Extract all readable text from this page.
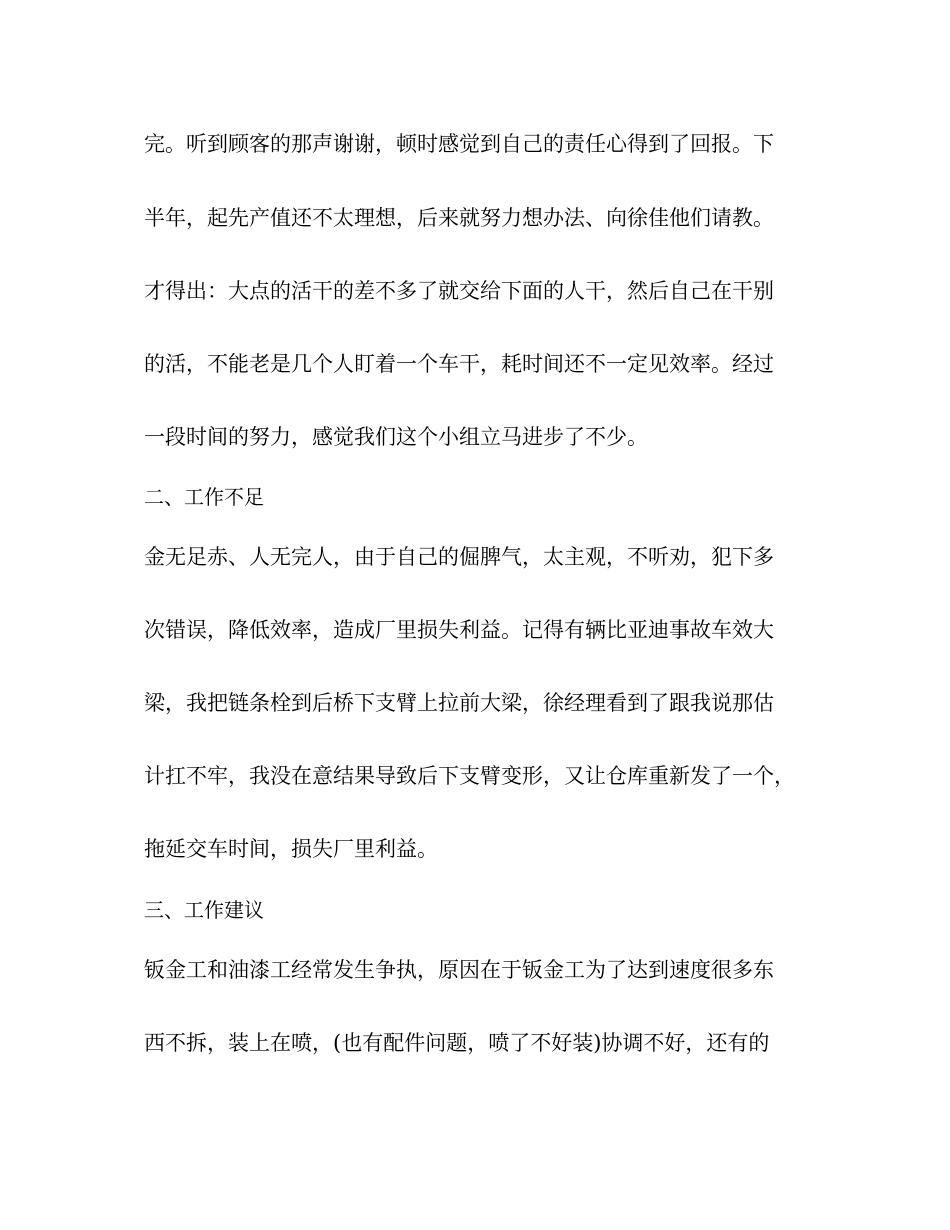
完。听到顾客的那声谢谢，顿时感觉到自己的责任心得到了回报。下
半年，起先产值还不太理想，后来就努力想办法、向徐佳他们请教。
才得出：大点的活干的差不多了就交给下面的人干，然后自己在干别
的活，不能老是几个人盯着一个车干，耗时间还不一定见效率。经过
一段时间的努力，感觉我们这个小组立马进步了不少。
二、工作不足
金无足赤、人无完人，由于自己的倔脾气，太主观，不听劝，犯下多
次错误，降低效率，造成厂里损失利益。记得有辆比亚迪事故车效大
梁，我把链条栓到后桥下支臂上拉前大梁，徐经理看到了跟我说那估
计扛不牢，我没在意结果导致后下支臂变形，又让仓库重新发了一个，
拖延交车时间，损失厂里利益。
三、工作建议
钣金工和油漆工经常发生争执，原因在于钣金工为了达到速度很多东
西不拆，装上在喷，(也有配件问题，喷了不好装)协调不好，还有的
